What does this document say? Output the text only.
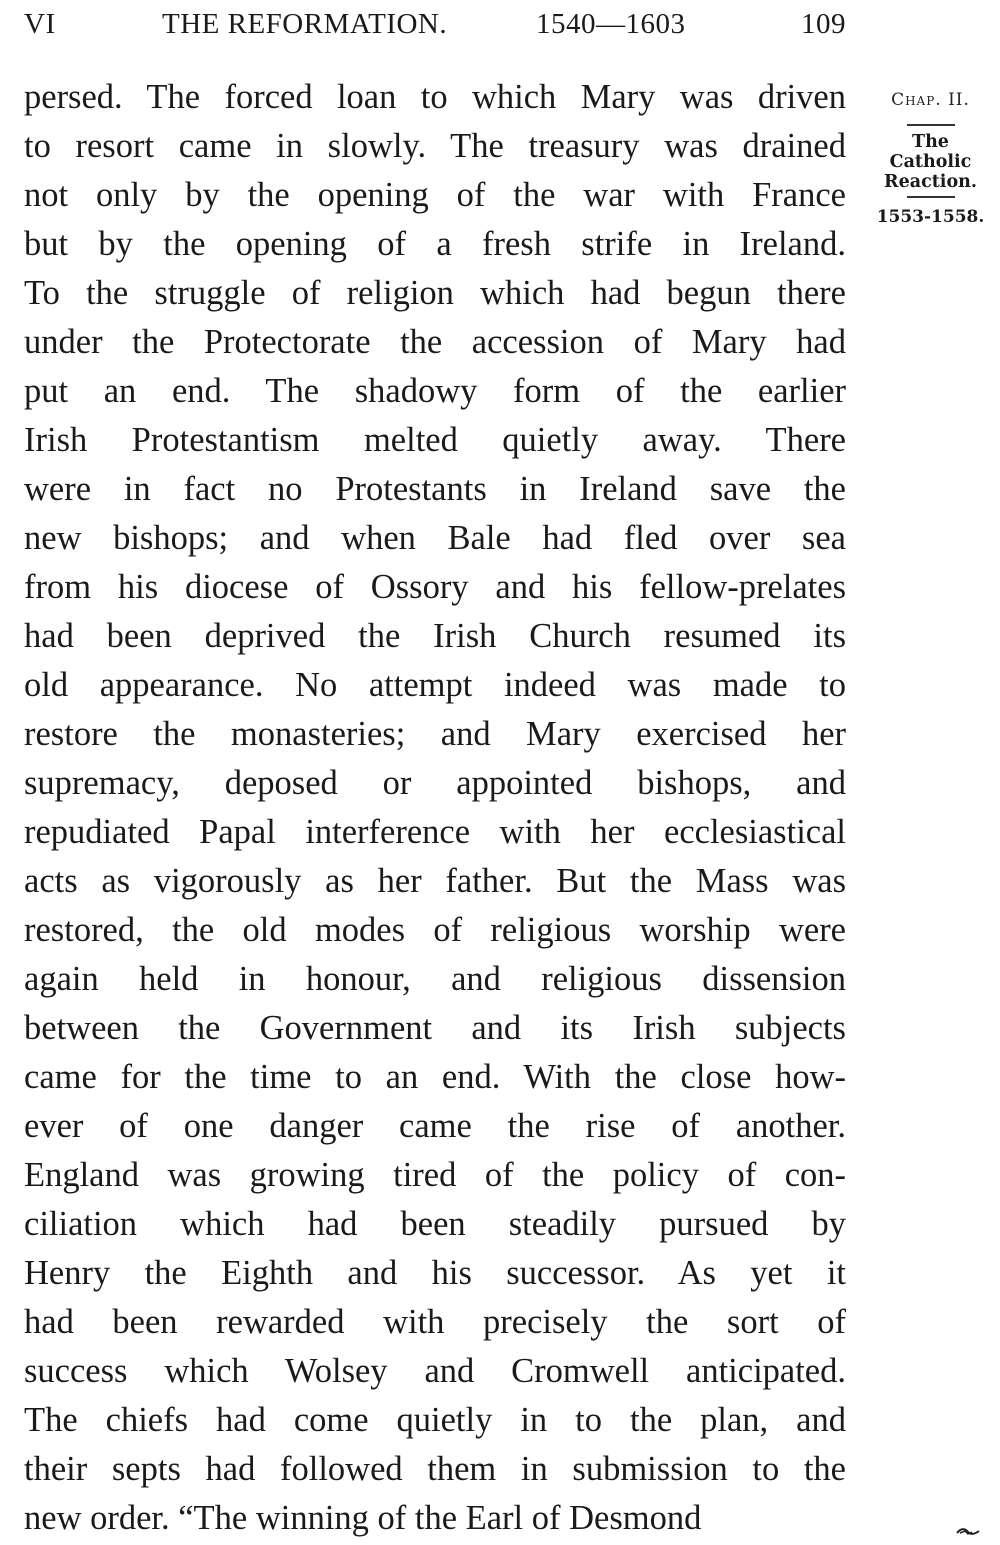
VI	THE REFORMATION.	1540—1603	109
persed. The forced loan to which Mary was driven
to resort came in slowly. The treasury was drained
not only by the opening of the war with France
but by the opening of a fresh strife in Ireland.
To the struggle of religion which had begun there
under the Protectorate the accession of Mary had
put an end. The shadowy form of the earlier
Irish Protestantism melted quietly away. There
were in fact no Protestants in Ireland save the
new bishops; and when Bale had fled over sea
from his diocese of Ossory and his fellow-prelates
had been deprived the Irish Church resumed its
old appearance. No attempt indeed was made to
restore the monasteries; and Mary exercised her
supremacy, deposed or appointed bishops, and
repudiated Papal interference with her ecclesiastical
acts as vigorously as her father. But the Mass was
restored, the old modes of religious worship were
again held in honour, and religious dissension
between the Government and its Irish subjects
came for the time to an end. With the close how-
ever of one danger came the rise of another.
England was growing tired of the policy of con-
ciliation which had been steadily pursued by
Henry the Eighth and his successor. As yet it
had been rewarded with precisely the sort of
success which Wolsey and Cromwell anticipated.
The chiefs had come quietly in to the plan, and
their septs had followed them in submission to the
new order. “The winning of the Earl of Desmond
Chap. II.
The
Catholic
Reaction.
1553-1558.
